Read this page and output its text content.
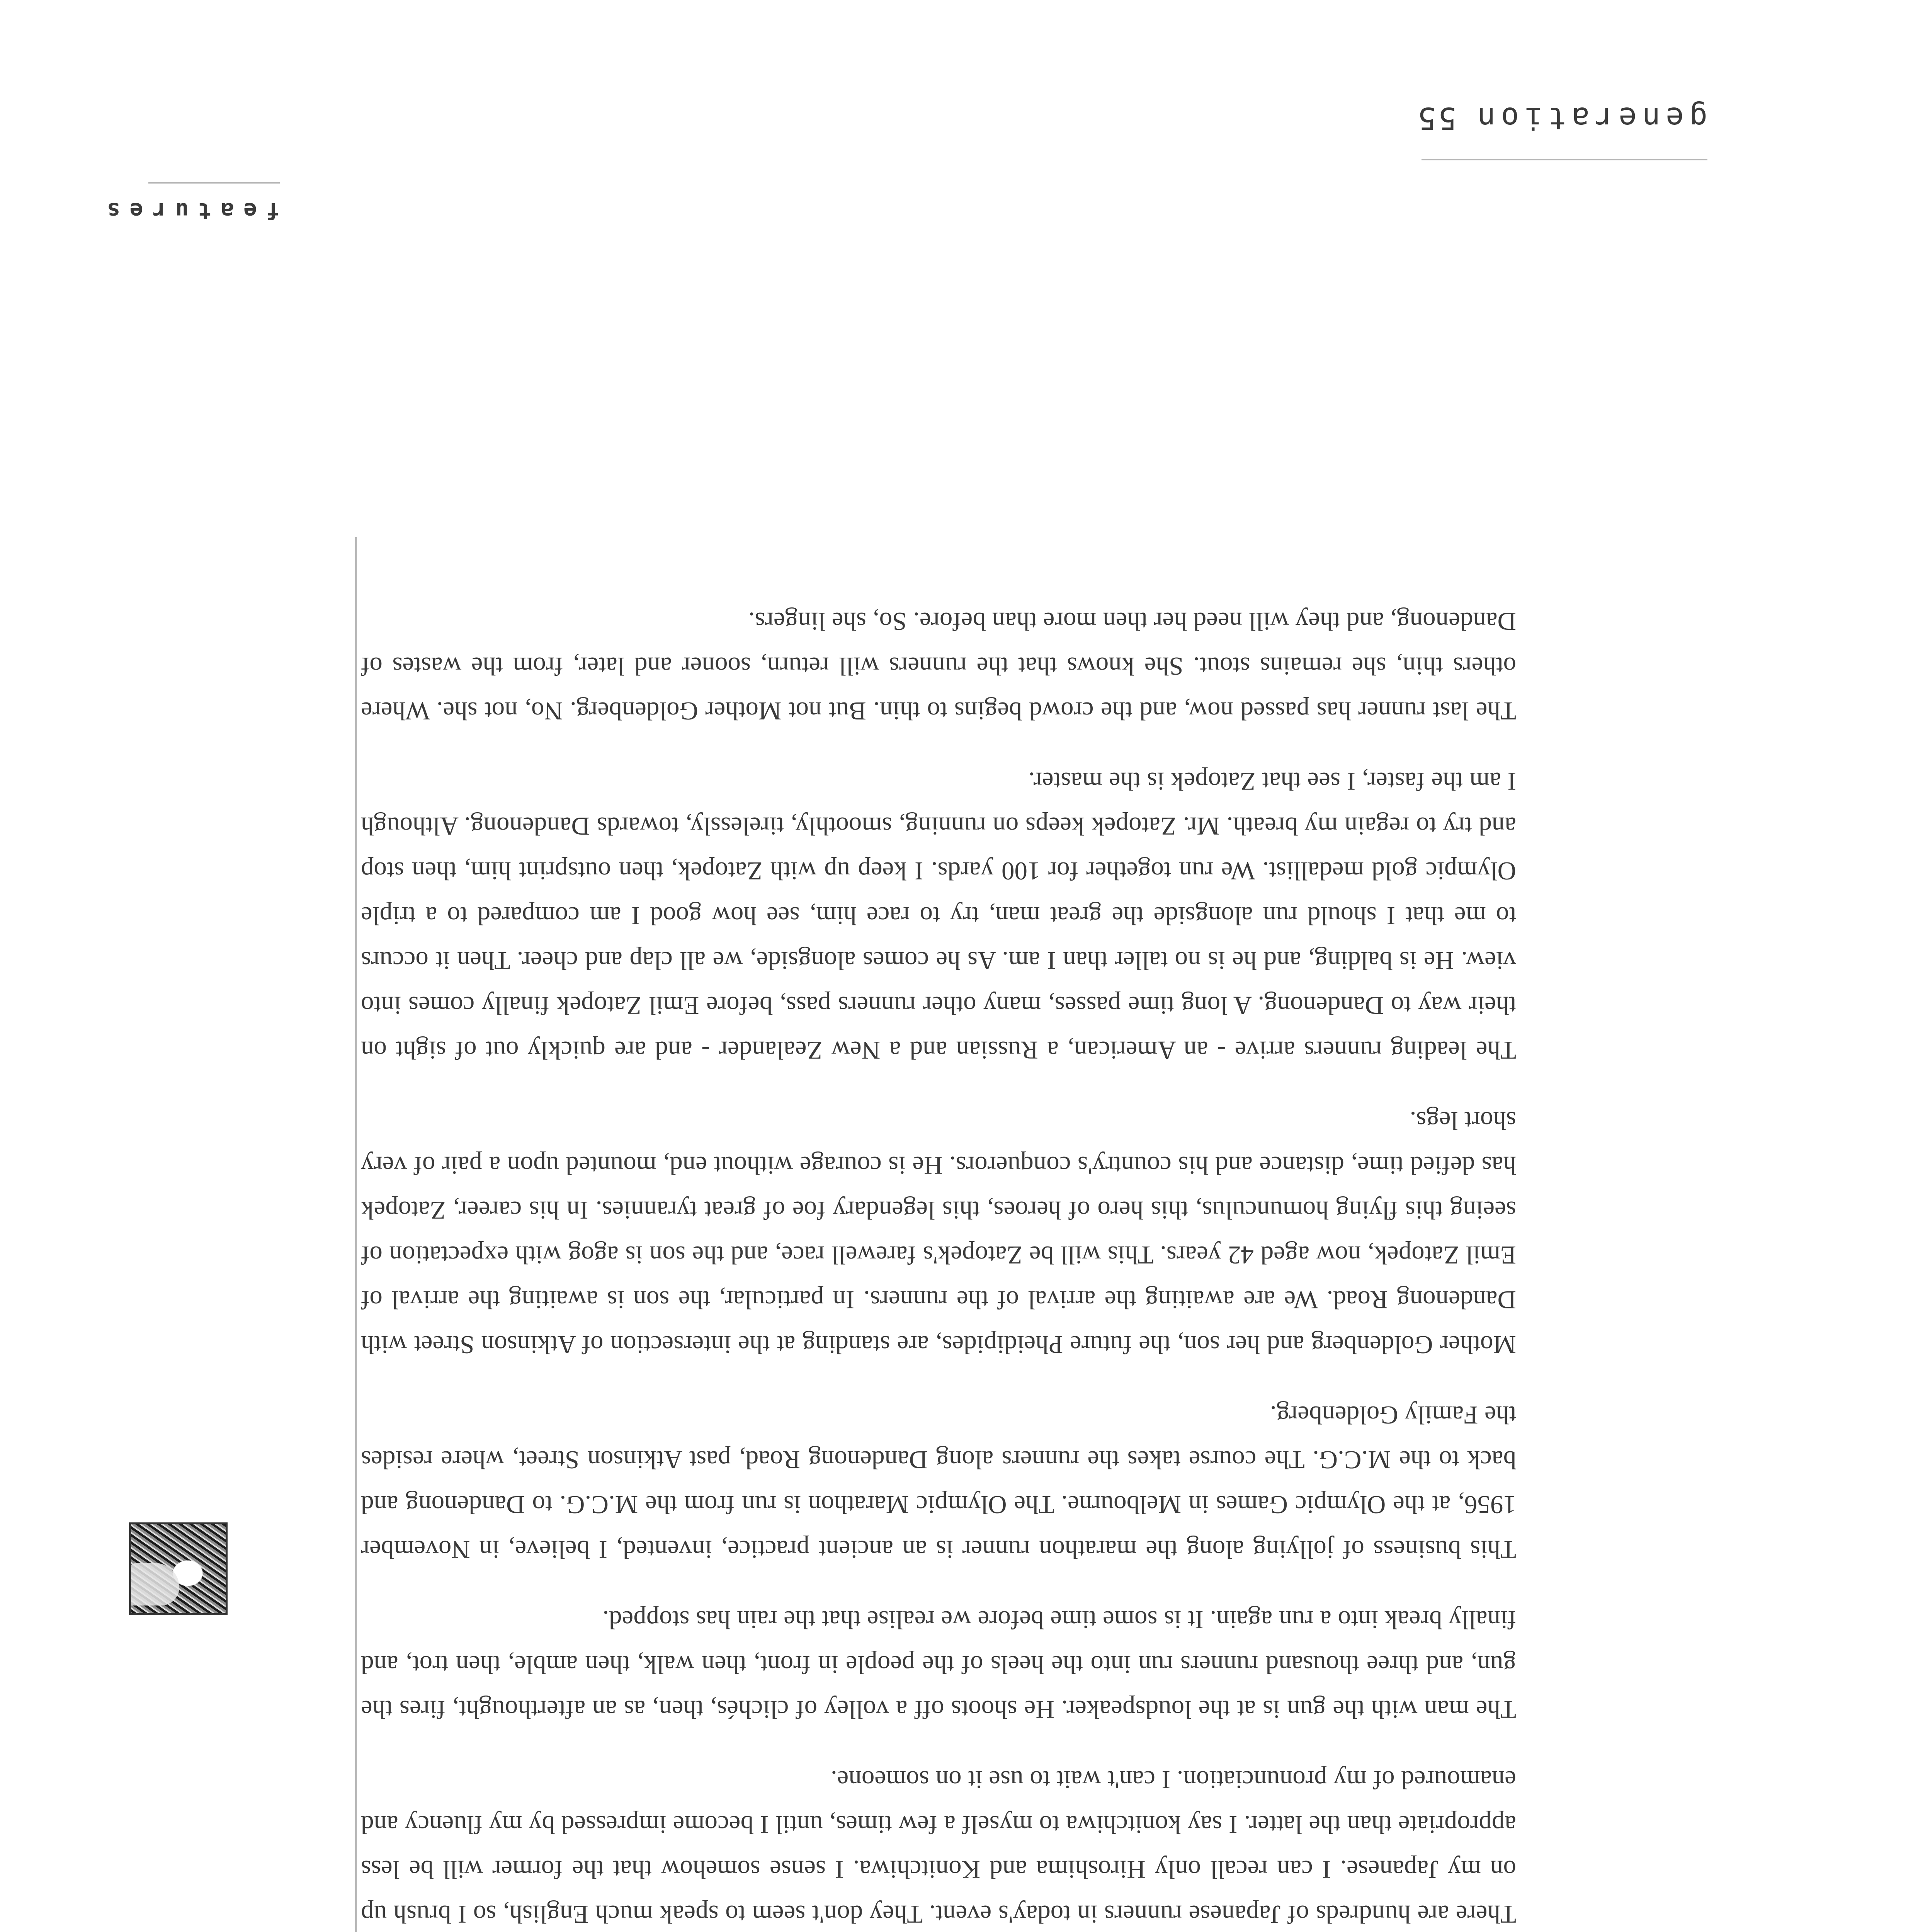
features

There are hundreds of Japanese runners in today's event. They don't seem to speak much English, so I brush up on my Japanese. I can recall only Hiroshima and Konitchiwa. I sense somehow that the former will be less appropriate than the latter. I say konitchiwa to myself a few times, until I become impressed by my fluency and enamoured of my pronunciation. I can't wait to use it on someone.

The man with the gun is at the loudspeaker. He shoots off a volley of clichés, then, as an afterthought, fires the gun, and three thousand runners run into the heels of the people in front, then walk, then amble, then trot, and finally break into a run again. It is some time before we realise that the rain has stopped.

This business of jollying along the marathon runner is an ancient practice, invented, I believe, in November 1956, at the Olympic Games in Melbourne. The Olympic Marathon is run from the M.C.G. to Dandenong and back to the M.C.G. The course takes the runners along Dandenong Road, past Atkinson Street, where resides the Family Goldenberg.

Mother Goldenberg and her son, the future Pheidipides, are standing at the intersection of Atkinson Street with Dandenong Road. We are awaiting the arrival of the runners. In particular, the son is awaiting the arrival of Emil Zatopek, now aged 42 years. This will be Zatopek's farewell race, and the son is agog with expectation of seeing this flying homunculus, this hero of heroes, this legendary foe of great tyrannies. In his career, Zatopek has defied time, distance and his country's conquerors. He is courage without end, mounted upon a pair of very short legs.

The leading runners arrive - an American, a Russian and a New Zealander - and are quickly out of sight on their way to Dandenong. A long time passes, many other runners pass, before Emil Zatopek finally comes into view. He is balding, and he is no taller than I am. As he comes alongside, we all clap and cheer. Then it occurs to me that I should run alongside the great man, try to race him, see how good I am compared to a triple Olympic gold medallist. We run together for 100 yards. I keep up with Zatopek, then outsprint him, then stop and try to regain my breath. Mr. Zatopek keeps on running, smoothly, tirelessly, towards Dandenong. Although I am the faster, I see that Zatopek is the master.

The last runner has passed now, and the crowd begins to thin. But not Mother Goldenberg. No, not she. Where others thin, she remains stout. She knows that the runners will return, sooner and later, from the wastes of Dandenong, and they will need her then more than before. So, she lingers.

generation55
